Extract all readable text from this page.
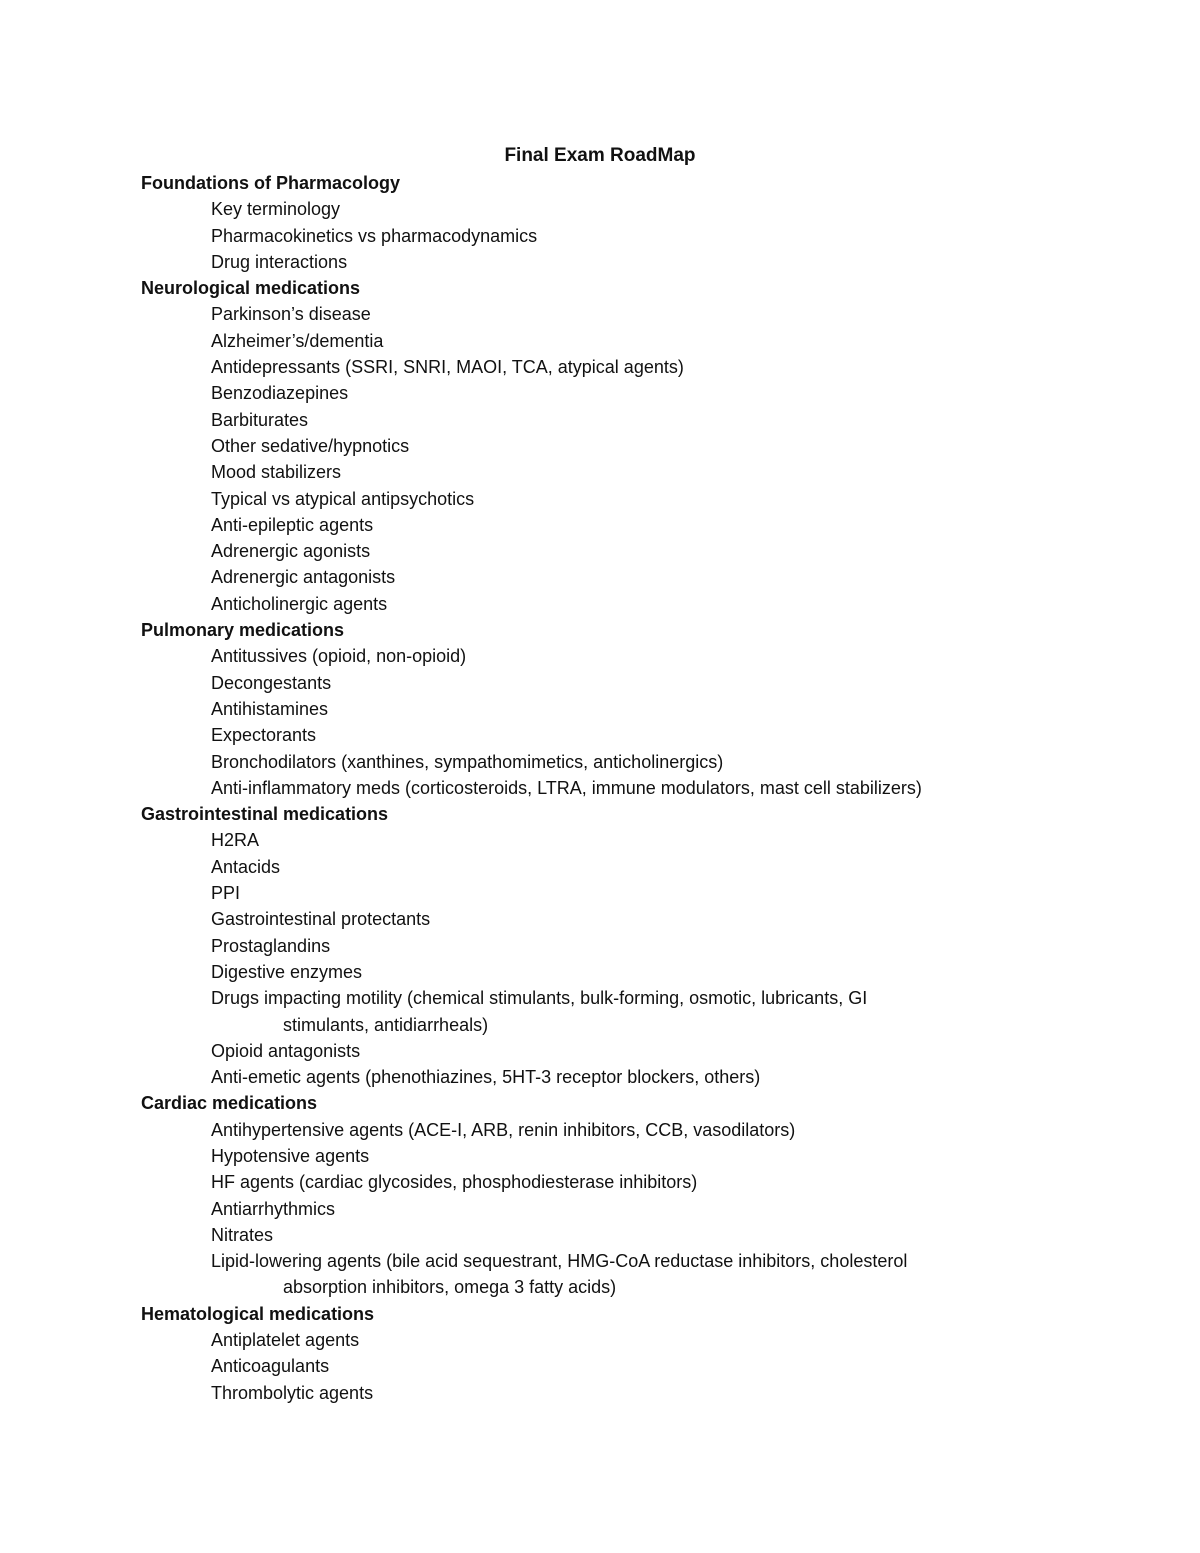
Final Exam RoadMap
Foundations of Pharmacology
Key terminology
Pharmacokinetics vs pharmacodynamics
Drug interactions
Neurological medications
Parkinson’s disease
Alzheimer’s/dementia
Antidepressants (SSRI, SNRI, MAOI, TCA, atypical agents)
Benzodiazepines
Barbiturates
Other sedative/hypnotics
Mood stabilizers
Typical vs atypical antipsychotics
Anti-epileptic agents
Adrenergic agonists
Adrenergic antagonists
Anticholinergic agents
Pulmonary medications
Antitussives (opioid, non-opioid)
Decongestants
Antihistamines
Expectorants
Bronchodilators (xanthines, sympathomimetics, anticholinergics)
Anti-inflammatory meds (corticosteroids, LTRA, immune modulators, mast cell stabilizers)
Gastrointestinal medications
H2RA
Antacids
PPI
Gastrointestinal protectants
Prostaglandins
Digestive enzymes
Drugs impacting motility (chemical stimulants, bulk-forming, osmotic, lubricants, GI
stimulants, antidiarrheals)
Opioid antagonists
Anti-emetic agents (phenothiazines, 5HT-3 receptor blockers, others)
Cardiac medications
Antihypertensive agents (ACE-I, ARB, renin inhibitors, CCB, vasodilators)
Hypotensive agents
HF agents (cardiac glycosides, phosphodiesterase inhibitors)
Antiarrhythmics
Nitrates
Lipid-lowering agents (bile acid sequestrant, HMG-CoA reductase inhibitors, cholesterol
absorption inhibitors, omega 3 fatty acids)
Hematological medications
Antiplatelet agents
Anticoagulants
Thrombolytic agents
